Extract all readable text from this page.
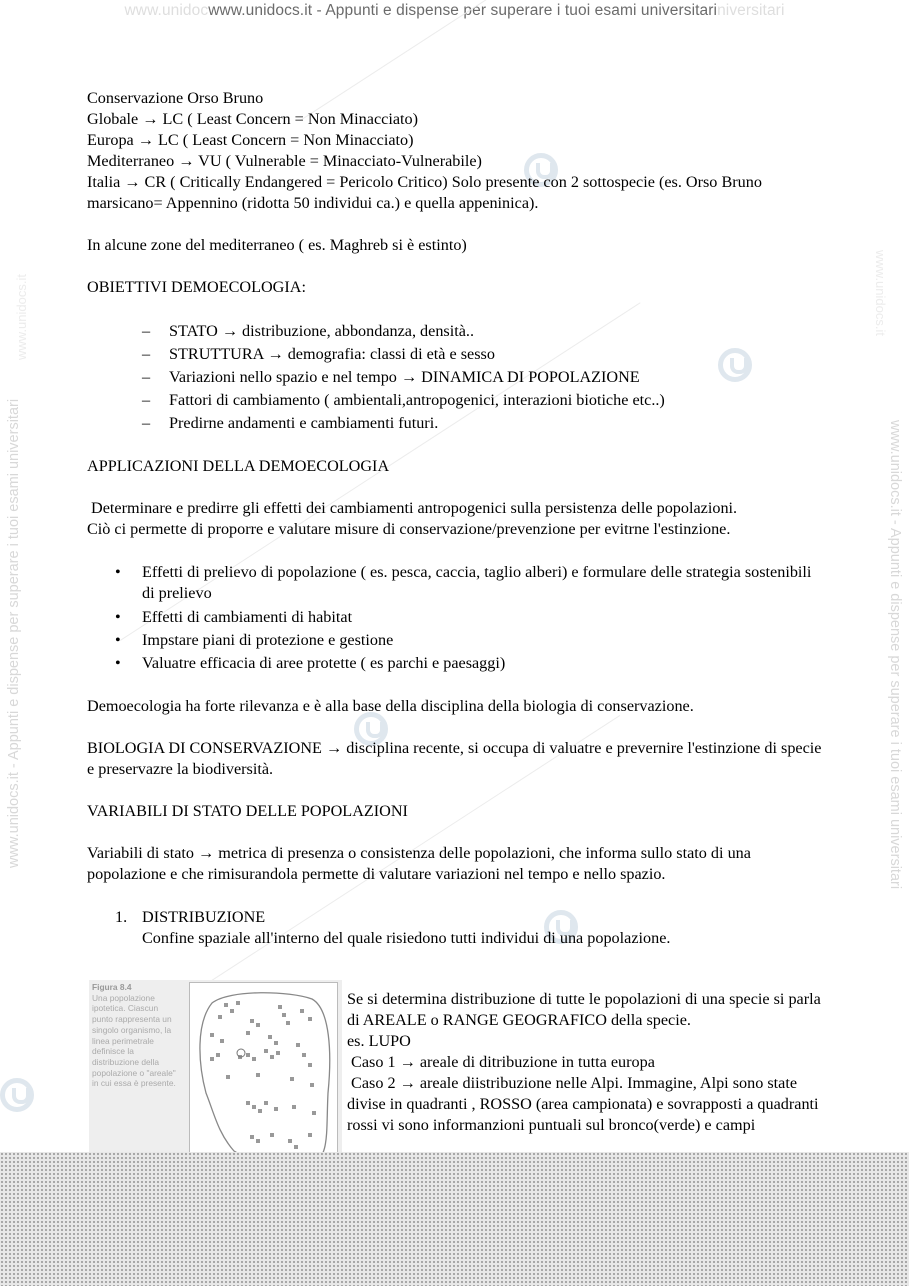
www.unidocwww.unidocs.it - Appunti e dispense per superare i tuoi esami universitariniversitari
www.unidocs.it - Appunti e dispense per superare i tuoi esami universitari	www.unidocs.it - Appunti e dispense per superare i tuoi esami universitari
www.unidocs.it	www.unidocs.it

Conservazione Orso Bruno

Globale → LC ( Least Concern = Non Minacciato)

Europa → LC ( Least Concern = Non Minacciato)

Mediterraneo → VU ( Vulnerable = Minacciato-Vulnerabile)

Italia → CR ( Critically Endangered = Pericolo Critico) Solo presente con 2 sottospecie (es. Orso Bruno marsicano= Appennino (ridotta 50 individui ca.) e quella appeninica).

In alcune zone del mediterraneo ( es. Maghreb si è estinto)

OBIETTIVI DEMOECOLOGIA:

– STATO → distribuzione, abbondanza, densità..
– STRUTTURA → demografia: classi di età e sesso
– Variazioni nello spazio e nel tempo → DINAMICA DI POPOLAZIONE
– Fattori di cambiamento ( ambientali,antropogenici, interazioni biotiche etc..)
– Predirne andamenti e cambiamenti futuri.

APPLICAZIONI DELLA DEMOECOLOGIA

Determinare e predirre gli effetti dei cambiamenti antropogenici sulla persistenza delle popolazioni.

Ciò ci permette di proporre e valutare misure di conservazione/prevenzione per evitrne l'estinzione.

• Effetti di prelievo di popolazione ( es. pesca, caccia, taglio alberi) e formulare delle strategia sostenibili di prelievo
• Effetti di cambiamenti di habitat
• Impstare piani di protezione e gestione
• Valuatre efficacia di aree protette ( es parchi e paesaggi)

Demoecologia ha forte rilevanza e è alla base della disciplina della biologia di conservazione.

BIOLOGIA DI CONSERVAZIONE → disciplina recente, si occupa di valuatre e prevernire l'estinzione di specie e preservazre la biodiversità.

VARIABILI DI STATO DELLE POPOLAZIONI

Variabili di stato → metrica di presenza o consistenza delle popolazioni, che informa sullo stato di una popolazione e che rimisurandola permette di valutare variazioni nel tempo e nello spazio.

1. DISTRIBUZIONE
Confine spaziale all'interno del quale risiedono tutti individui di una popolazione.
Figura 8.4
Una popolazione ipotetica. Ciascun punto rappresenta un singolo organismo, la linea perimetrale definisce la distribuzione della popolazione o "areale" in cui essa è presente.

Se si determina distribuzione di tutte le popolazioni di una specie si parla di AREALE o RANGE GEOGRAFICO della specie.

es. LUPO

Caso 1 → areale di ditribuzione in tutta europa

Caso 2 → areale diistribuzione nelle Alpi. Immagine, Alpi sono state divise in quadranti , ROSSO (area campionata) e sovrapposti a quadranti rossi vi sono informanzioni puntuali sul bronco(verde) e campi
